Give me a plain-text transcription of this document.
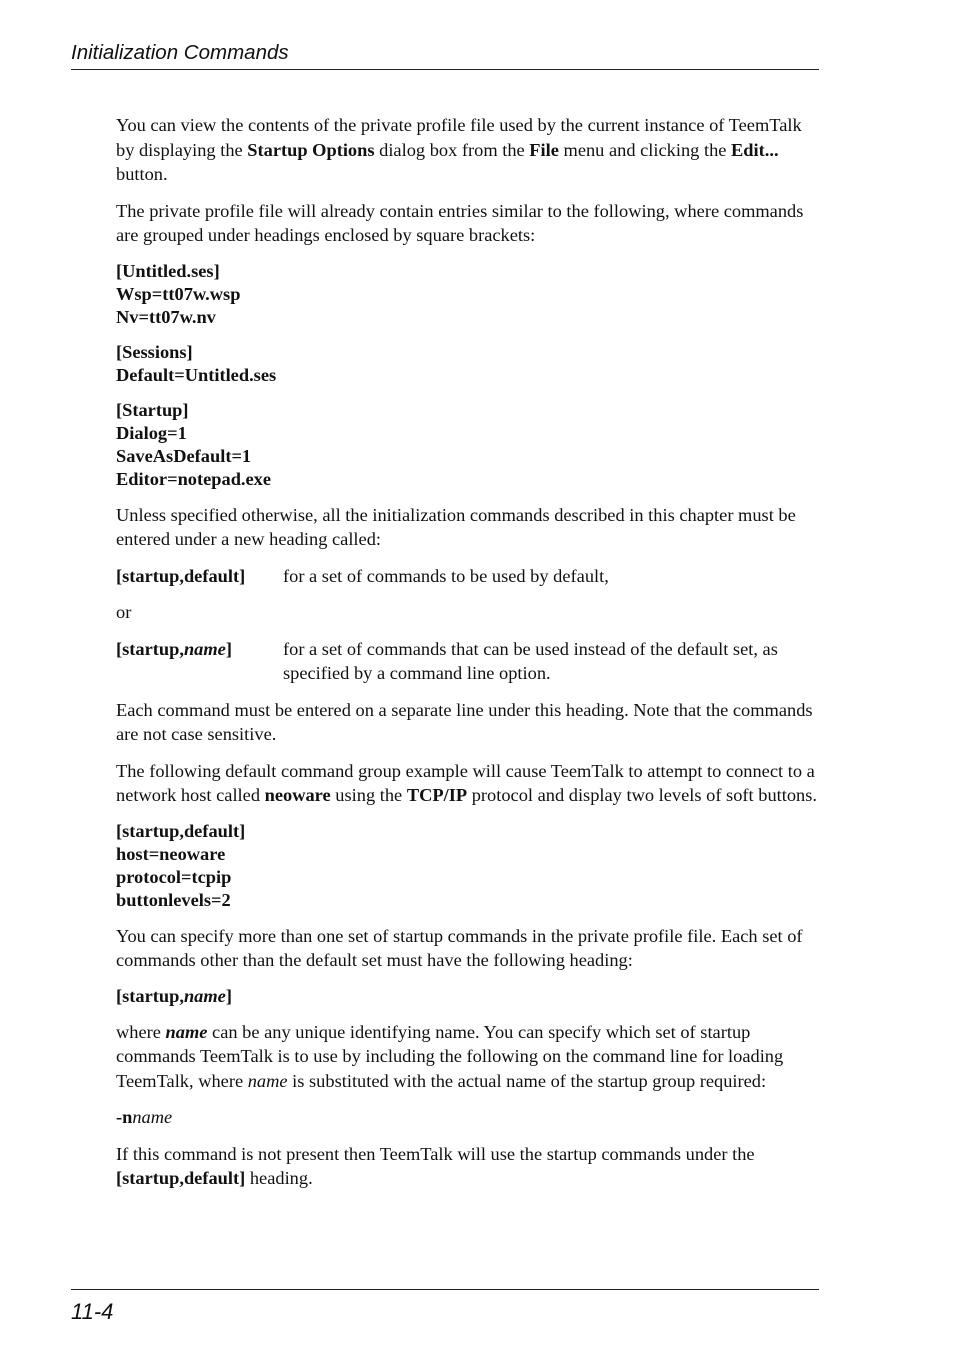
Initialization Commands

You can view the contents of the private profile file used by the current instance of TeemTalk by displaying the Startup Options dialog box from the File menu and clicking the Edit... button.

The private profile file will already contain entries similar to the following, where commands are grouped under headings enclosed by square brackets:

[Untitled.ses]
Wsp=tt07w.wsp
Nv=tt07w.nv
[Sessions]
Default=Untitled.ses
[Startup]
Dialog=1
SaveAsDefault=1
Editor=notepad.exe

Unless specified otherwise, all the initialization commands described in this chapter must be entered under a new heading called:

[startup,default]	for a set of commands to be used by default,

or

[startup,name]	for a set of commands that can be used instead of the default set, as specified by a command line option.

Each command must be entered on a separate line under this heading. Note that the commands are not case sensitive.

The following default command group example will cause TeemTalk to attempt to connect to a network host called neoware using the TCP/IP protocol and display two levels of soft buttons.

[startup,default]
host=neoware
protocol=tcpip
buttonlevels=2

You can specify more than one set of startup commands in the private profile file. Each set of commands other than the default set must have the following heading:

[startup,name]

where name can be any unique identifying name. You can specify which set of startup commands TeemTalk is to use by including the following on the command line for loading TeemTalk, where name is substituted with the actual name of the startup group required:

-nname

If this command is not present then TeemTalk will use the startup commands under the [startup,default] heading.

11-4
